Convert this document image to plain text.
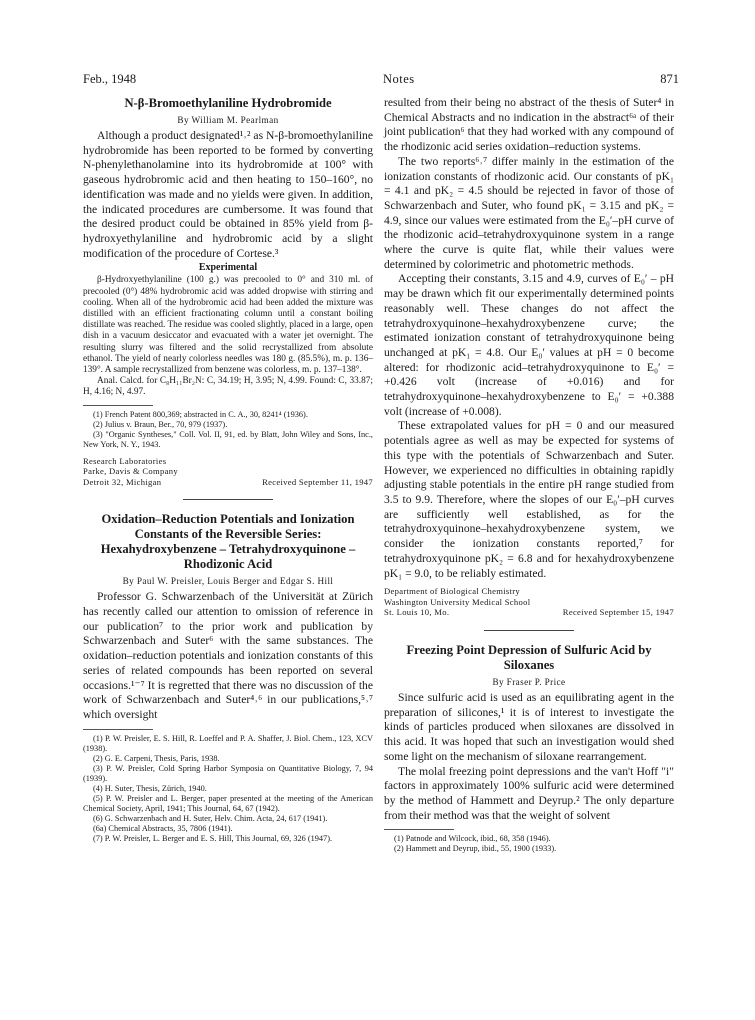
Feb., 1948	Notes	871

N-β-Bromoethylaniline Hydrobromide

By William M. Pearlman

Although a product designated¹˒² as N-β-bromoethylaniline hydrobromide has been reported to be formed by converting N-phenylethanolamine into its hydrobromide at 100° with gaseous hydrobromic acid and then heating to 150–160°, no identification was made and no yields were given. In addition, the indicated procedures are cumbersome. It was found that the desired product could be obtained in 85% yield from β-hydroxyethylaniline and hydrobromic acid by a slight modification of the procedure of Cortese.³

Experimental

β-Hydroxyethylaniline (100 g.) was precooled to 0° and 310 ml. of precooled (0°) 48% hydrobromic acid was added dropwise with stirring and cooling. When all of the hydrobromic acid had been added the mixture was distilled with an efficient fractionating column until a constant boiling distillate was reached. The residue was cooled slightly, placed in a large, open dish in a vacuum desiccator and evacuated with a water jet overnight. The resulting slurry was filtered and the solid recrystallized from absolute ethanol. The yield of nearly colorless needles was 180 g. (85.5%), m. p. 136–139°. A sample recrystallized from benzene was colorless, m. p. 137–138°.

Anal. Calcd. for C₈H₁₁Br₂N: C, 34.19; H, 3.95; N, 4.99. Found: C, 33.87; H, 4.16; N, 4.97.

(1) French Patent 800,369; abstracted in C. A., 30, 8241⁴ (1936).

(2) Julius v. Braun, Ber., 70, 979 (1937).

(3) "Organic Syntheses," Coll. Vol. II, 91, ed. by Blatt, John Wiley and Sons, Inc., New York, N. Y., 1943.

Research Laboratories

Parke, Davis & Company

Detroit 32, Michigan	Received September 11, 1947

Oxidation–Reduction Potentials and Ionization Constants of the Reversible Series: Hexahydroxybenzene – Tetrahydroxyquinone – Rhodizonic Acid

By Paul W. Preisler, Louis Berger and Edgar S. Hill

Professor G. Schwarzenbach of the Universität at Zürich has recently called our attention to omission of reference in our publication⁷ to the prior work and publication by Schwarzenbach and Suter⁶ with the same substances. The oxidation–reduction potentials and ionization constants of this series of related compounds has been reported on several occasions.¹⁻⁷ It is regretted that there was no discussion of the work of Schwarzenbach and Suter⁴˒⁶ in our publications,⁵˒⁷ which oversight

(1) P. W. Preisler, E. S. Hill, R. Loeffel and P. A. Shaffer, J. Biol. Chem., 123, XCV (1938).

(2) G. E. Carpeni, Thesis, Paris, 1938.

(3) P. W. Preisler, Cold Spring Harbor Symposia on Quantitative Biology, 7, 94 (1939).

(4) H. Suter, Thesis, Zürich, 1940.

(5) P. W. Preisler and L. Berger, paper presented at the meeting of the American Chemical Society, April, 1941; This Journal, 64, 67 (1942).

(6) G. Schwarzenbach and H. Suter, Helv. Chim. Acta, 24, 617 (1941).

(6a) Chemical Abstracts, 35, 7806 (1941).

(7) P. W. Preisler, L. Berger and E. S. Hill, This Journal, 69, 326 (1947).

resulted from their being no abstract of the thesis of Suter⁴ in Chemical Abstracts and no indication in the abstract⁶ᵃ of their joint publication⁶ that they had worked with any compound of the rhodizonic acid series oxidation–reduction systems.

The two reports⁶˒⁷ differ mainly in the estimation of the ionization constants of rhodizonic acid. Our constants of pK₁ = 4.1 and pK₂ = 4.5 should be rejected in favor of those of Schwarzenbach and Suter, who found pK₁ = 3.15 and pK₂ = 4.9, since our values were estimated from the E₀′–pH curve of the rhodizonic acid–tetrahydroxyquinone system in a range where the curve is quite flat, while their values were determined by colorimetric and photometric methods.

Accepting their constants, 3.15 and 4.9, curves of E₀′ – pH may be drawn which fit our experimentally determined points reasonably well. These changes do not affect the tetrahydroxyquinone–hexahydroxybenzene curve; the estimated ionization constant of tetrahydroxyquinone being unchanged at pK₁ = 4.8. Our E₀′ values at pH = 0 become altered: for rhodizonic acid–tetrahydroxyquinone to E₀′ = +0.426 volt (increase of +0.016) and for tetrahydroxyquinone–hexahydroxybenzene to E₀′ = +0.388 volt (increase of +0.008).

These extrapolated values for pH = 0 and our measured potentials agree as well as may be expected for systems of this type with the potentials of Schwarzenbach and Suter. However, we experienced no difficulties in obtaining rapidly adjusting stable potentials in the entire pH range studied from 3.5 to 9.9. Therefore, where the slopes of our E₀′–pH curves are sufficiently well established, as for the tetrahydroxyquinone–hexahydroxybenzene system, we consider the ionization constants reported,⁷ for tetrahydroxyquinone pK₂ = 6.8 and for hexahydroxybenzene pK₁ = 9.0, to be reliably estimated.

Department of Biological Chemistry

Washington University Medical School

St. Louis 10, Mo.	Received September 15, 1947

Freezing Point Depression of Sulfuric Acid by Siloxanes

By Fraser P. Price

Since sulfuric acid is used as an equilibrating agent in the preparation of silicones,¹ it is of interest to investigate the kinds of particles produced when siloxanes are dissolved in this acid. It was hoped that such an investigation would shed some light on the mechanism of siloxane rearrangement.

The molal freezing point depressions and the van't Hoff "i" factors in approximately 100% sulfuric acid were determined by the method of Hammett and Deyrup.² The only departure from their method was that the weight of solvent

(1) Patnode and Wilcock, ibid., 68, 358 (1946).

(2) Hammett and Deyrup, ibid., 55, 1900 (1933).
